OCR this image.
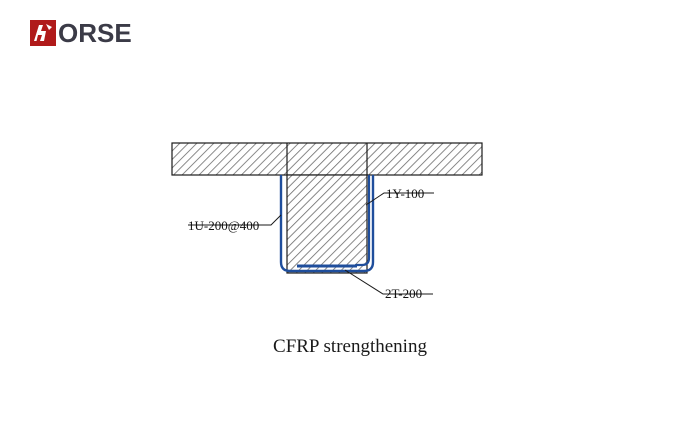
ORSE
1Y-100
1U-200@400
2T-200
CFRP strengthening
